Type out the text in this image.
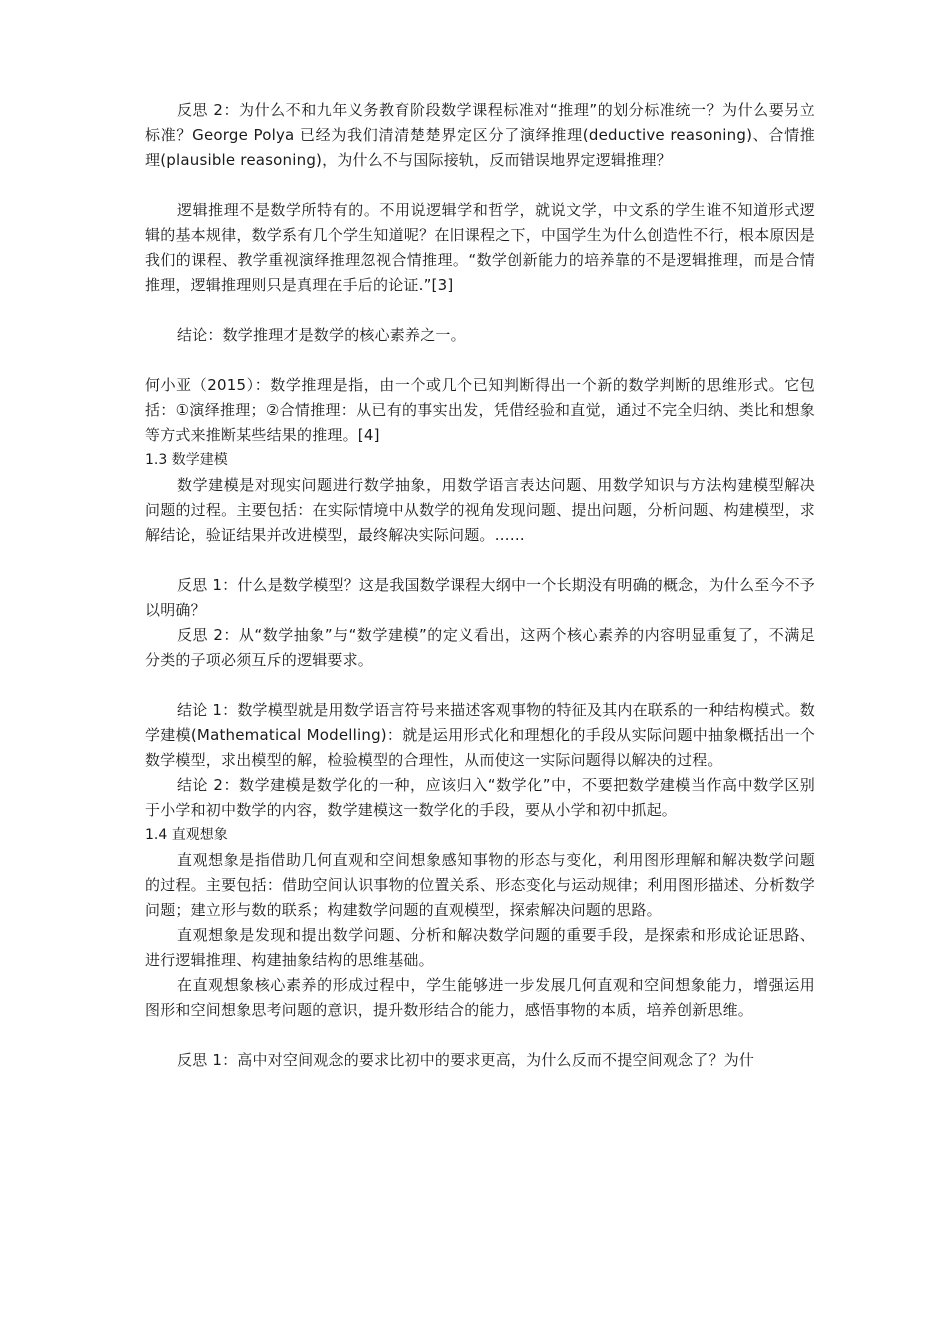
反思 2：为什么不和九年义务教育阶段数学课程标准对“推理”的划分标准统一？为什么要另立标准？George Polya 已经为我们清清楚楚界定区分了演绎推理(deductive reasoning)、合情推理(plausible reasoning)，为什么不与国际接轨，反而错误地界定逻辑推理？

逻辑推理不是数学所特有的。不用说逻辑学和哲学，就说文学，中文系的学生谁不知道形式逻辑的基本规律，数学系有几个学生知道呢？在旧课程之下，中国学生为什么创造性不行，根本原因是我们的课程、教学重视演绎推理忽视合情推理。“数学创新能力的培养靠的不是逻辑推理，而是合情推理，逻辑推理则只是真理在手后的论证.”[3]

结论：数学推理才是数学的核心素养之一。

何小亚（2015）：数学推理是指，由一个或几个已知判断得出一个新的数学判断的思维形式。它包括：①演绎推理；②合情推理：从已有的事实出发，凭借经验和直觉，通过不完全归纳、类比和想象等方式来推断某些结果的推理。[4]

1.3 数学建模

数学建模是对现实问题进行数学抽象，用数学语言表达问题、用数学知识与方法构建模型解决问题的过程。主要包括：在实际情境中从数学的视角发现问题、提出问题，分析问题、构建模型，求解结论，验证结果并改进模型，最终解决实际问题。……

反思 1：什么是数学模型？这是我国数学课程大纲中一个长期没有明确的概念，为什么至今不予以明确？

反思 2：从“数学抽象”与“数学建模”的定义看出，这两个核心素养的内容明显重复了，不满足分类的子项必须互斥的逻辑要求。

结论 1：数学模型就是用数学语言符号来描述客观事物的特征及其内在联系的一种结构模式。数学建模(Mathematical Modelling)：就是运用形式化和理想化的手段从实际问题中抽象概括出一个数学模型，求出模型的解，检验模型的合理性，从而使这一实际问题得以解决的过程。

结论 2：数学建模是数学化的一种，应该归入“数学化”中，不要把数学建模当作高中数学区别于小学和初中数学的内容，数学建模这一数学化的手段，要从小学和初中抓起。

1.4 直观想象

直观想象是指借助几何直观和空间想象感知事物的形态与变化，利用图形理解和解决数学问题的过程。主要包括：借助空间认识事物的位置关系、形态变化与运动规律；利用图形描述、分析数学问题；建立形与数的联系；构建数学问题的直观模型，探索解决问题的思路。

直观想象是发现和提出数学问题、分析和解决数学问题的重要手段，是探索和形成论证思路、进行逻辑推理、构建抽象结构的思维基础。

在直观想象核心素养的形成过程中，学生能够进一步发展几何直观和空间想象能力，增强运用图形和空间想象思考问题的意识，提升数形结合的能力，感悟事物的本质，培养创新思维。

反思 1：高中对空间观念的要求比初中的要求更高，为什么反而不提空间观念了？为什
